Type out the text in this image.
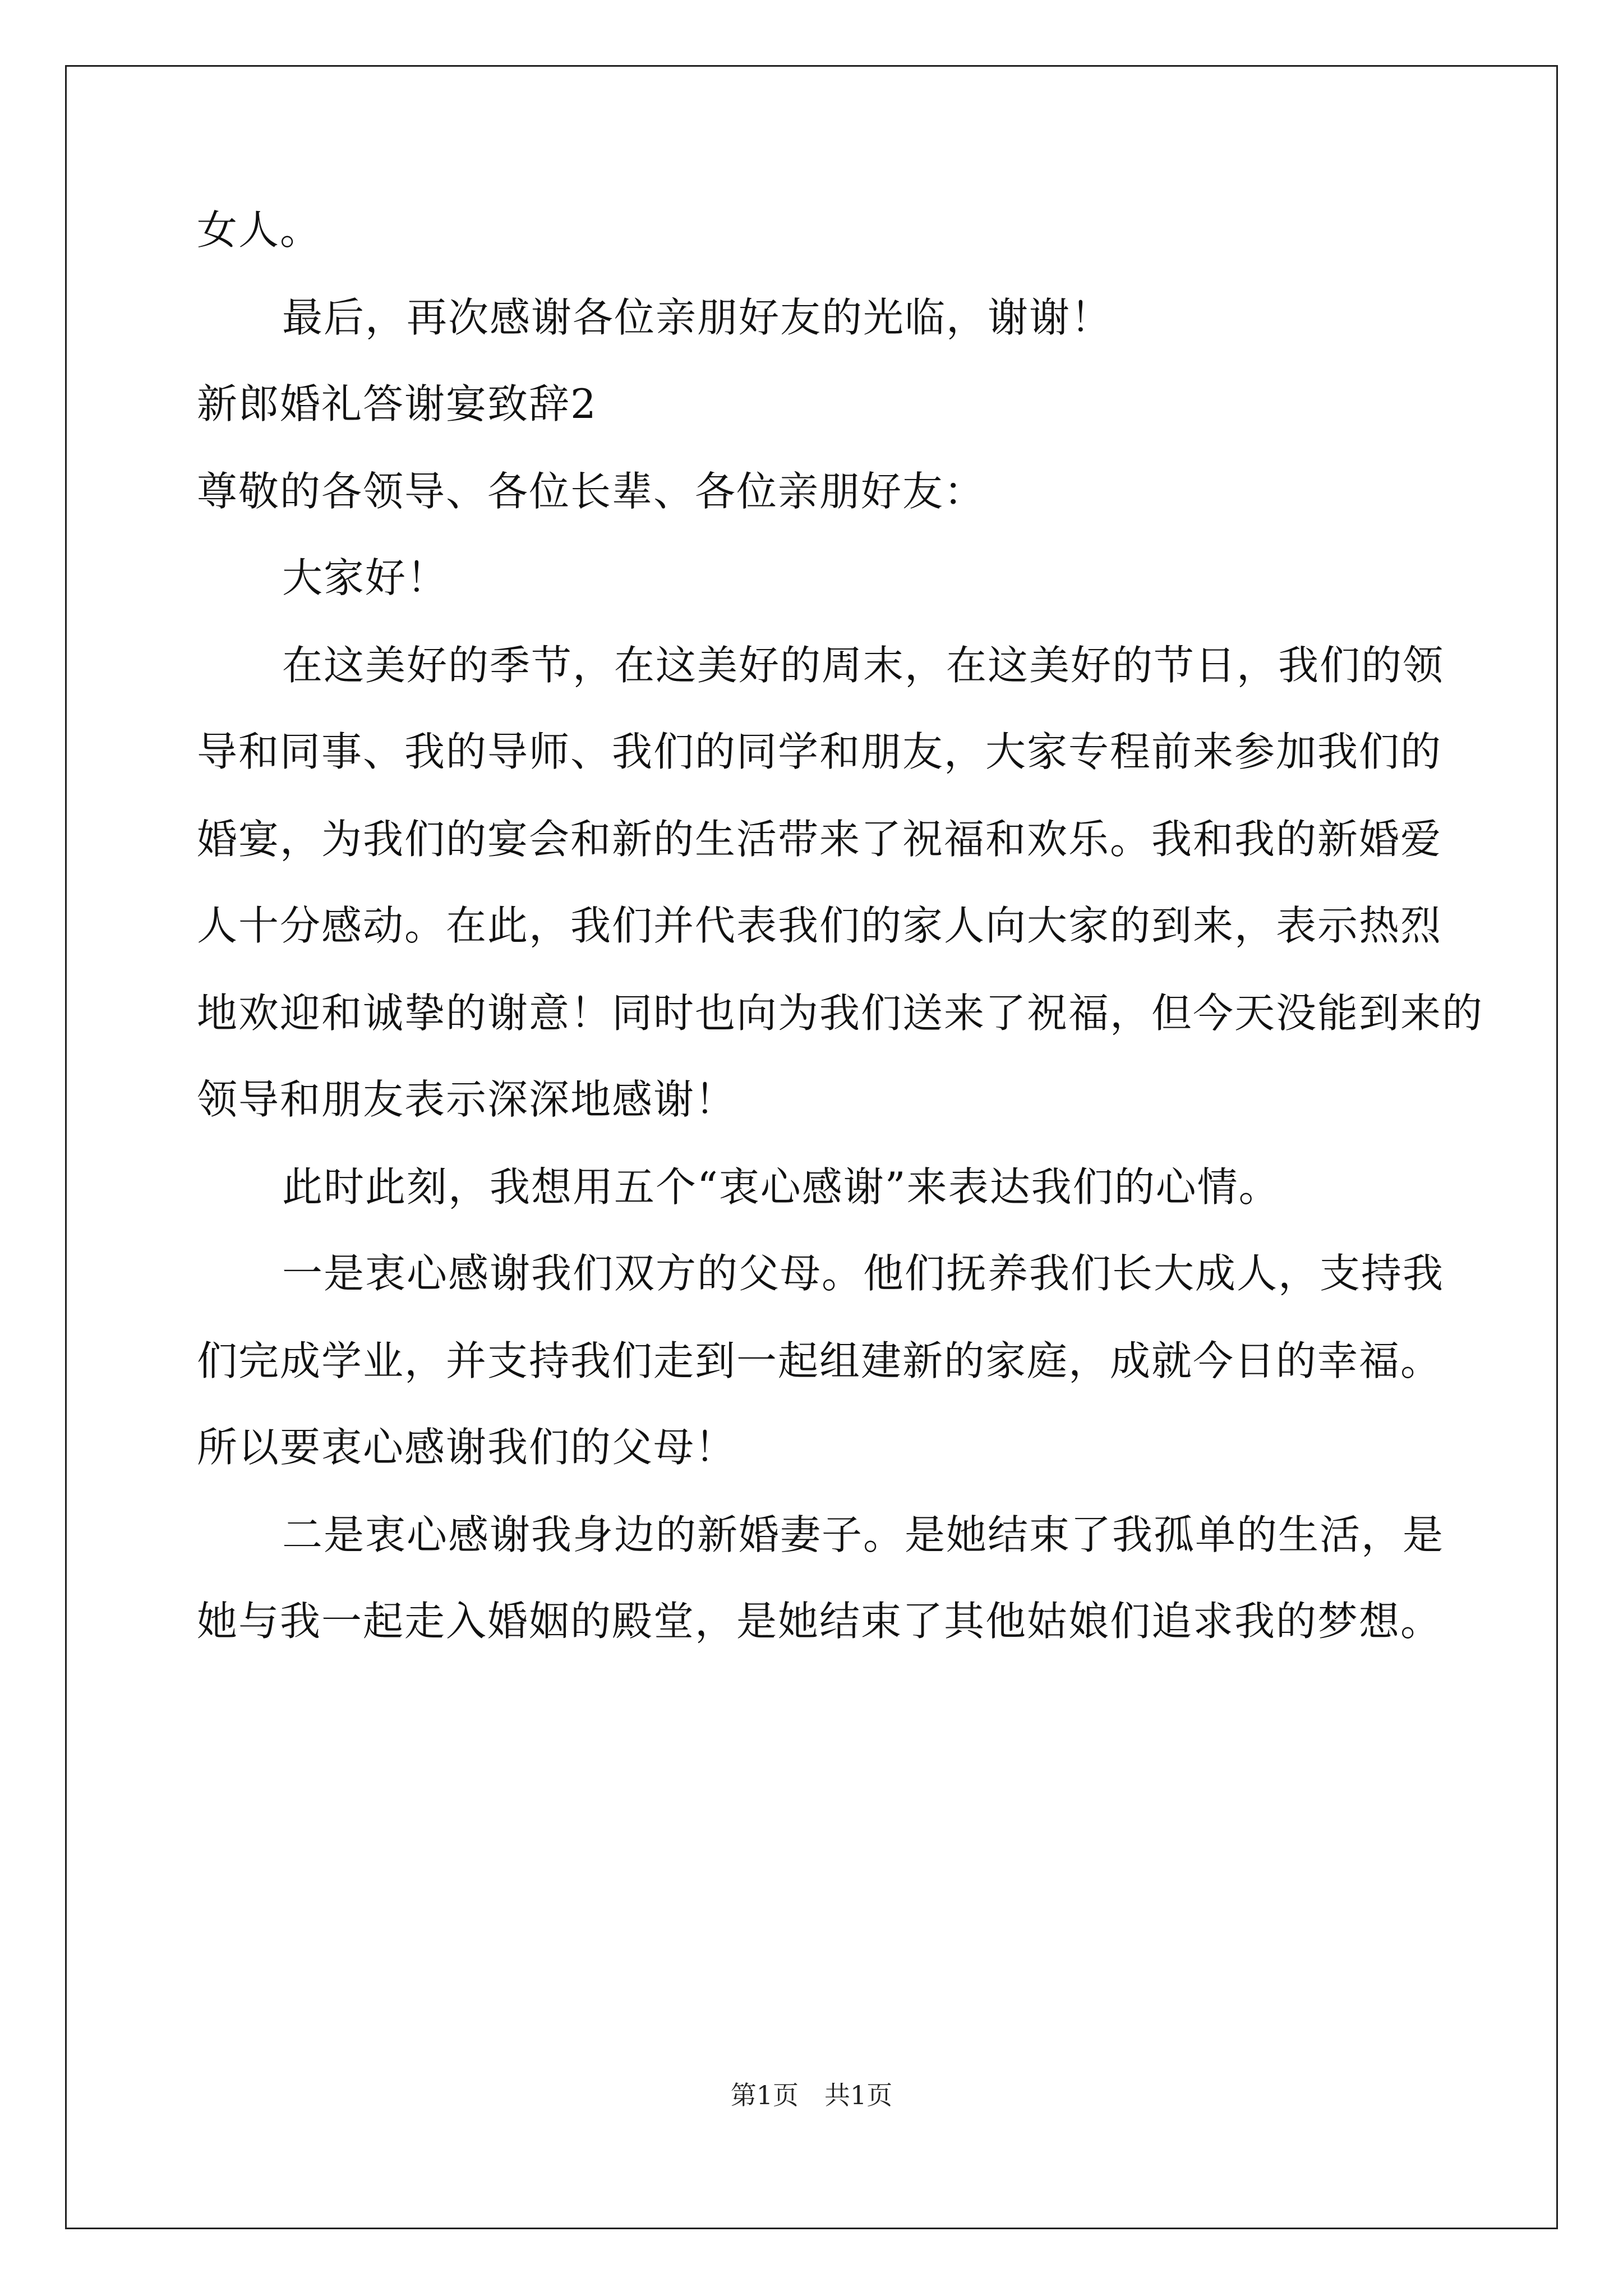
女人。
最后，再次感谢各位亲朋好友的光临，谢谢！
新郎婚礼答谢宴致辞2
尊敬的各领导、各位长辈、各位亲朋好友：
大家好！
在这美好的季节，在这美好的周末，在这美好的节日，我们的领
导和同事、我的导师、我们的同学和朋友，大家专程前来参加我们的
婚宴，为我们的宴会和新的生活带来了祝福和欢乐。我和我的新婚爱
人十分感动。在此，我们并代表我们的家人向大家的到来，表示热烈
地欢迎和诚挚的谢意！同时也向为我们送来了祝福，但今天没能到来的
领导和朋友表示深深地感谢！
此时此刻，我想用五个“衷心感谢”来表达我们的心情。
一是衷心感谢我们双方的父母。他们抚养我们长大成人，支持我
们完成学业，并支持我们走到一起组建新的家庭，成就今日的幸福。
所以要衷心感谢我们的父母！
二是衷心感谢我身边的新婚妻子。是她结束了我孤单的生活，是
她与我一起走入婚姻的殿堂，是她结束了其他姑娘们追求我的梦想。
第1页　共1页
